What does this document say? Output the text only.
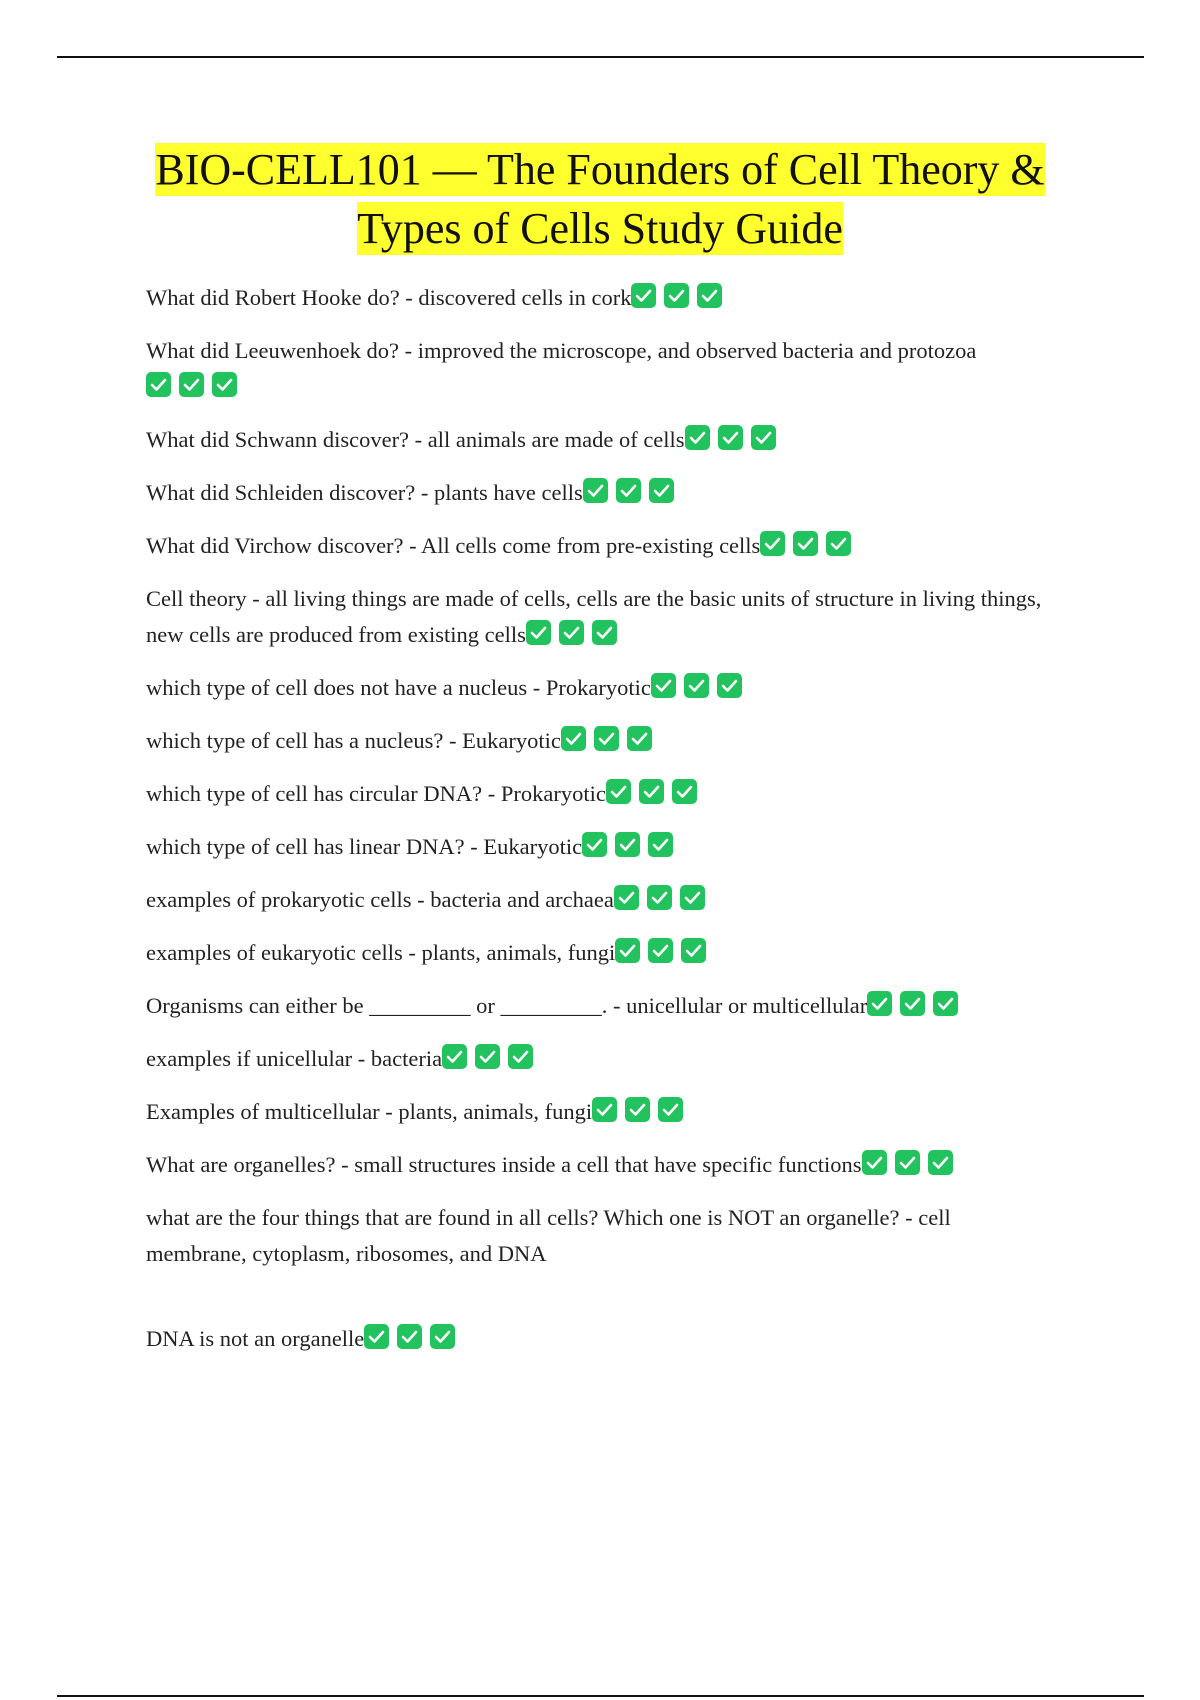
BIO-CELL101 — The Founders of Cell Theory & Types of Cells Study Guide

What did Robert Hooke do? - discovered cells in cork

What did Leeuwenhoek do? - improved the microscope, and observed bacteria and protozoa

What did Schwann discover? - all animals are made of cells

What did Schleiden discover? - plants have cells

What did Virchow discover? - All cells come from pre-existing cells

Cell theory - all living things are made of cells, cells are the basic units of structure in living things, new cells are produced from existing cells

which type of cell does not have a nucleus - Prokaryotic

which type of cell has a nucleus? - Eukaryotic

which type of cell has circular DNA? - Prokaryotic

which type of cell has linear DNA? - Eukaryotic

examples of prokaryotic cells - bacteria and archaea

examples of eukaryotic cells - plants, animals, fungi

Organisms can either be _________ or _________. - unicellular or multicellular

examples if unicellular - bacteria

Examples of multicellular - plants, animals, fungi

What are organelles? - small structures inside a cell that have specific functions

what are the four things that are found in all cells? Which one is NOT an organelle? - cell membrane, cytoplasm, ribosomes, and DNA

DNA is not an organelle
